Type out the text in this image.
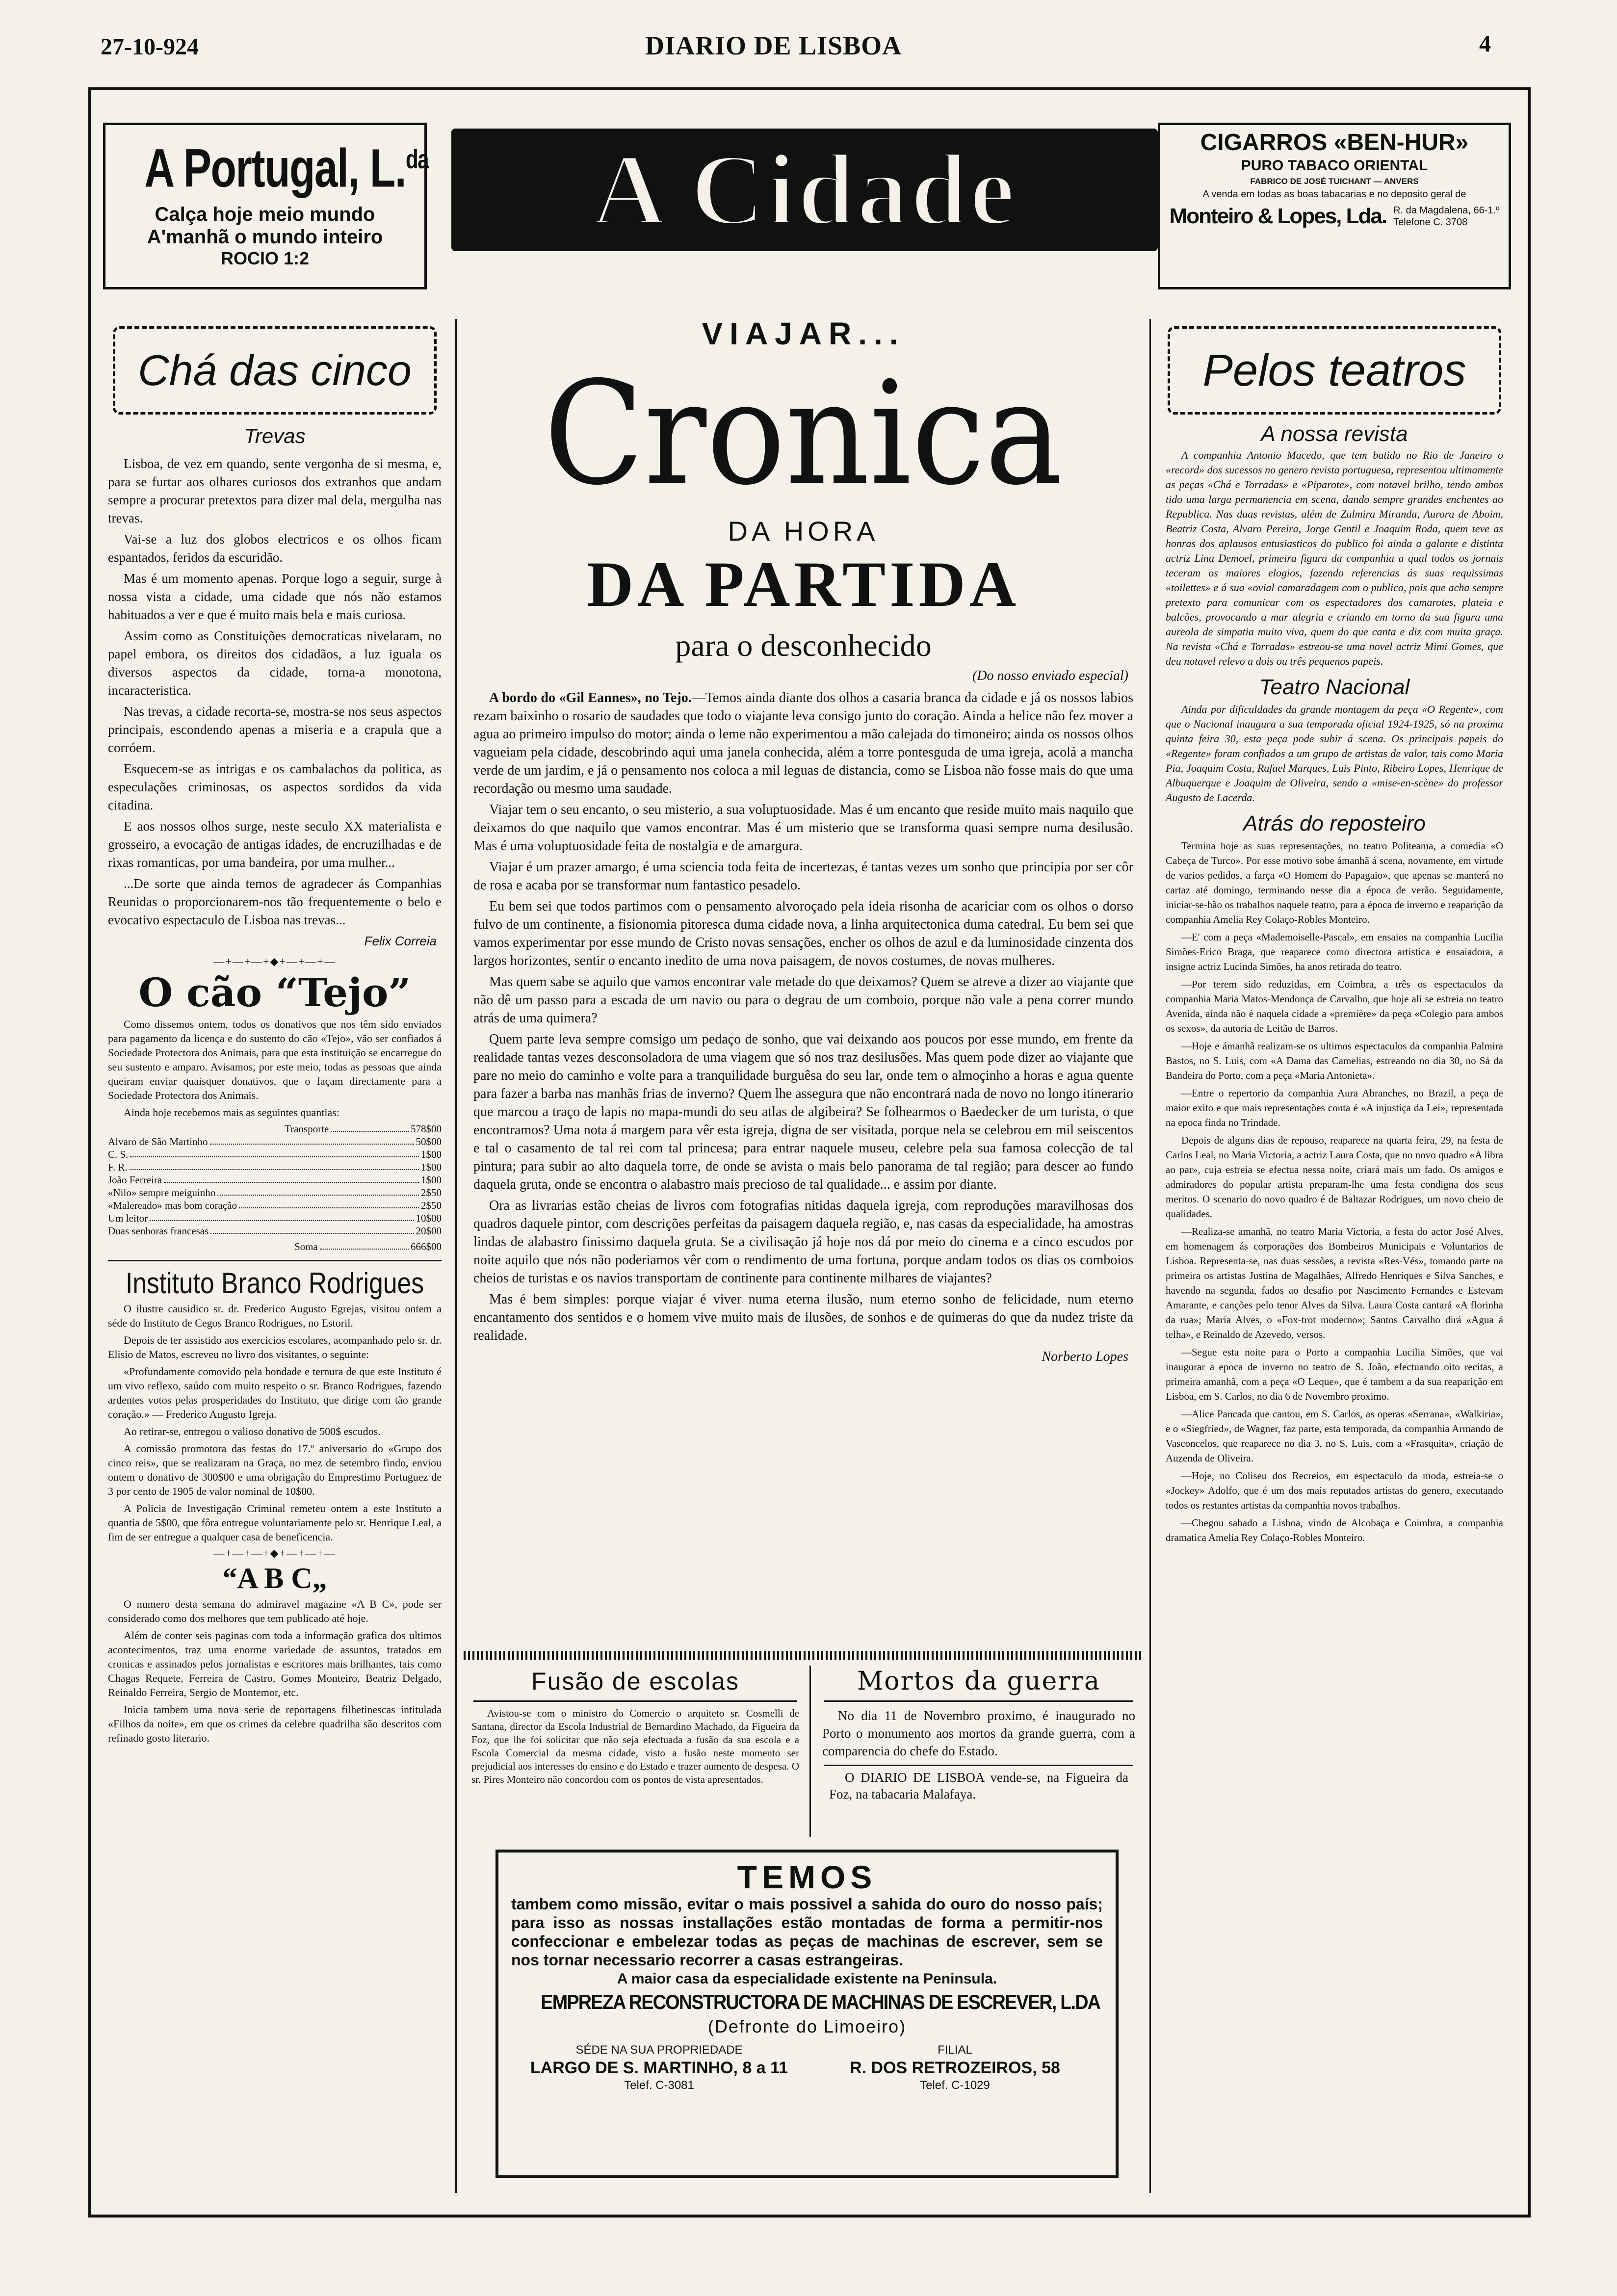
27-10-924	DIARIO DE LISBOA	4
A Portugal, L.$^{da}$
Calça hoje meio mundo
A'manhã o mundo inteiro
ROCIO 1:2
A Cidade	CIGARROS «BEN-HUR»
PURO TABACO ORIENTAL
FABRICO DE JOSÉ TUICHANT — ANVERS
A venda em todas as boas tabacarias e no deposito geral de
Monteiro & Lopes, Lda. R. da Magdalena, 66-1.º
Telefone C. 3708
Chá das cinco
Trevas

Lisboa, de vez em quando, sente vergonha de si mesma, e, para se furtar aos olhares curiosos dos extranhos que andam sempre a procurar pretextos para dizer mal dela, mergulha nas trevas.

Vai-se a luz dos globos electricos e os olhos ficam espantados, feridos da escuridão.

Mas é um momento apenas. Porque logo a seguir, surge à nossa vista a cidade, uma cidade que nós não estamos habituados a ver e que é muito mais bela e mais curiosa.

Assim como as Constituições democraticas nivelaram, no papel embora, os direitos dos cidadãos, a luz iguala os diversos aspectos da cidade, torna-a monotona, incaracteristica.

Nas trevas, a cidade recorta-se, mostra-se nos seus aspectos principais, escondendo apenas a miseria e a crapula que a corróem.

Esquecem-se as intrigas e os cambalachos da politica, as especulações criminosas, os aspectos sordidos da vida citadina.

E aos nossos olhos surge, neste seculo XX materialista e grosseiro, a evocação de antigas idades, de encruzilhadas e de rixas romanticas, por uma bandeira, por uma mulher...

...De sorte que ainda temos de agradecer ás Companhias Reunidas o proporcionarem-nos tão frequentemente o belo e evocativo espectaculo de Lisboa nas trevas...

Felix Correia
—+—+—+◆+—+—+—
O cão “Tejo”

Como dissemos ontem, todos os donativos que nos têm sido enviados para pagamento da licença e do sustento do cão «Tejo», vão ser confiados á Sociedade Protectora dos Animais, para que esta instituição se encarregue do seu sustento e amparo. Avisamos, por este meio, todas as pessoas que ainda queiram enviar quaisquer donativos, que o façam directamente para a Sociedade Protectora dos Animais.

Ainda hoje recebemos mais as seguintes quantias:

Transporte	578$00
Alvaro de São Martinho	50$00
C. S.	1$00
F. R.	1$00
João Ferreira	1$00
«Nilo» sempre meiguinho	2$50
«Malereado» mas bom coração	2$50
Um leitor	10$00
Duas senhoras francesas	20$00
Soma	666$00
Instituto Branco Rodrigues

O ilustre causidico sr. dr. Frederico Augusto Egrejas, visitou ontem a séde do Instituto de Cegos Branco Rodrigues, no Estoril.

Depois de ter assistido aos exercicios escolares, acompanhado pelo sr. dr. Elisio de Matos, escreveu no livro dos visitantes, o seguinte:

«Profundamente comovido pela bondade e ternura de que este Instituto é um vivo reflexo, saúdo com muito respeito o sr. Branco Rodrigues, fazendo ardentes votos pelas prosperidades do Instituto, que dirige com tão grande coração.» — Frederico Augusto Igreja.

Ao retirar-se, entregou o valioso donativo de 500$ escudos.

A comissão promotora das festas do 17.º aniversario do «Grupo dos cinco reis», que se realizaram na Graça, no mez de setembro findo, enviou ontem o donativo de 300$00 e uma obrigação do Emprestimo Portuguez de 3 por cento de 1905 de valor nominal de 10$00.

A Policia de Investigação Criminal remeteu ontem a este Instituto a quantia de 5$00, que fôra entregue voluntariamente pelo sr. Henrique Leal, a fim de ser entregue a qualquer casa de beneficencia.

—+—+—+◆+—+—+—
“A B C„

O numero desta semana do admiravel magazine «A B C», pode ser considerado como dos melhores que tem publicado até hoje.

Além de conter seis paginas com toda a informação grafica dos ultimos acontecimentos, traz uma enorme variedade de assuntos, tratados em cronicas e assinados pelos jornalistas e escritores mais brilhantes, tais como Chagas Requete, Ferreira de Castro, Gomes Monteiro, Beatriz Delgado, Reinaldo Ferreira, Sergio de Montemor, etc.

Inicia tambem uma nova serie de reportagens filhetinescas intitulada «Filhos da noite», em que os crimes da celebre quadrilha são descritos com refinado gosto literario.

VIAJAR...
Cronica
DA HORA
DA PARTIDA
para o desconhecido
(Do nosso enviado especial)

A bordo do «Gil Eannes», no Tejo.—Temos ainda diante dos olhos a casaria branca da cidade e já os nossos labios rezam baixinho o rosario de saudades que todo o viajante leva consigo junto do coração. Ainda a helice não fez mover a agua ao primeiro impulso do motor; ainda o leme não experimentou a mão calejada do timoneiro; ainda os nossos olhos vagueiam pela cidade, descobrindo aqui uma janela conhecida, além a torre pontesguda de uma igreja, acolá a mancha verde de um jardim, e já o pensamento nos coloca a mil leguas de distancia, como se Lisboa não fosse mais do que uma recordação ou mesmo uma saudade.

Viajar tem o seu encanto, o seu misterio, a sua voluptuosidade. Mas é um encanto que reside muito mais naquilo que deixamos do que naquilo que vamos encontrar. Mas é um misterio que se transforma quasi sempre numa desilusão. Mas é uma voluptuosidade feita de nostalgia e de amargura.

Viajar é um prazer amargo, é uma sciencia toda feita de incertezas, é tantas vezes um sonho que principia por ser côr de rosa e acaba por se transformar num fantastico pesadelo.

Eu bem sei que todos partimos com o pensamento alvoroçado pela ideia risonha de acariciar com os olhos o dorso fulvo de um continente, a fisionomia pitoresca duma cidade nova, a linha arquitectonica duma catedral. Eu bem sei que vamos experimentar por esse mundo de Cristo novas sensações, encher os olhos de azul e da luminosidade cinzenta dos largos horizontes, sentir o encanto inedito de uma nova paisagem, de novos costumes, de novas mulheres.

Mas quem sabe se aquilo que vamos encontrar vale metade do que deixamos? Quem se atreve a dizer ao viajante que não dê um passo para a escada de um navio ou para o degrau de um comboio, porque não vale a pena correr mundo atrás de uma quimera?

Quem parte leva sempre comsigo um pedaço de sonho, que vai deixando aos poucos por esse mundo, em frente da realidade tantas vezes desconsoladora de uma viagem que só nos traz desilusões. Mas quem pode dizer ao viajante que pare no meio do caminho e volte para a tranquilidade burguêsa do seu lar, onde tem o almoçinho a horas e agua quente para fazer a barba nas manhãs frias de inverno? Quem lhe assegura que não encontrará nada de novo no longo itinerario que marcou a traço de lapis no mapa-mundi do seu atlas de algibeira? Se folhearmos o Baedecker de um turista, o que encontramos? Uma nota á margem para vêr esta igreja, digna de ser visitada, porque nela se celebrou em mil seiscentos e tal o casamento de tal rei com tal princesa; para entrar naquele museu, celebre pela sua famosa colecção de tal pintura; para subir ao alto daquela torre, de onde se avista o mais belo panorama de tal região; para descer ao fundo daquela gruta, onde se encontra o alabastro mais precioso de tal qualidade... e assim por diante.

Ora as livrarias estão cheias de livros com fotografias nitidas daquela igreja, com reproduções maravilhosas dos quadros daquele pintor, com descrições perfeitas da paisagem daquela região, e, nas casas da especialidade, ha amostras lindas de alabastro finissimo daquela gruta. Se a civilisação já hoje nos dá por meio do cinema e a cinco escudos por noite aquilo que nós não poderiamos vêr com o rendimento de uma fortuna, porque andam todos os dias os comboios cheios de turistas e os navios transportam de continente para continente milhares de viajantes?

Mas é bem simples: porque viajar é viver numa eterna ilusão, num eterno sonho de felicidade, num eterno encantamento dos sentidos e o homem vive muito mais de ilusões, de sonhos e de quimeras do que da nudez triste da realidade.

Norberto Lopes
Fusão de escolas
Avistou-se com o ministro do Comercio o arquiteto sr. Cosmelli de Santana, director da Escola Industrial de Bernardino Machado, da Figueira da Foz, que lhe foi solicitar que não seja efectuada a fusão da sua escola e a Escola Comercial da mesma cidade, visto a fusão neste momento ser prejudicial aos interesses do ensino e do Estado e trazer aumento de despesa. O sr. Pires Monteiro não concordou com os pontos de vista apresentados.
Mortos da guerra
No dia 11 de Novembro proximo, é inaugurado no Porto o monumento aos mortos da grande guerra, com a comparencia do chefe do Estado.
O DIARIO DE LISBOA vende-se, na Figueira da Foz, na tabacaria Malafaya.
TEMOS
tambem como missão, evitar o mais possivel a sahida do ouro do nosso país; para isso as nossas installações estão montadas de forma a permitir-nos confeccionar e embelezar todas as peças de machinas de escrever, sem se nos tornar necessario recorrer a casas estrangeiras.
A maior casa da especialidade existente na Peninsula.
EMPREZA RECONSTRUCTORA DE MACHINAS DE ESCREVER, L.DA
(Defronte do Limoeiro)
SÉDE NA SUA PROPRIEDADE
LARGO DE S. MARTINHO, 8 a 11
Telef. C-3081
FILIAL
R. DOS RETROZEIROS, 58
Telef. C-1029
Pelos teatros
A nossa revista
A companhia Antonio Macedo, que tem batido no Rio de Janeiro o «record» dos sucessos no genero revista portuguesa, representou ultimamente as peças «Chá e Torradas» e «Piparote», com notavel brilho, tendo ambos tido uma larga permanencia em scena, dando sempre grandes enchentes ao Republica. Nas duas revistas, além de Zulmira Miranda, Aurora de Aboim, Beatriz Costa, Alvaro Pereira, Jorge Gentil e Joaquim Roda, quem teve as honras dos aplausos entusiasticos do publico foi ainda a galante e distinta actriz Lina Demoel, primeira figura da companhia a qual todos os jornais teceram os maiores elogios, fazendo referencias ás suas requissimas «toilettes» e á sua «ovial camaradagem com o publico, pois que acha sempre pretexto para comunicar com os espectadores dos camarotes, plateia e balcões, provocando a mar alegria e criando em torno da sua figura uma aureola de simpatia muito viva, quem do que canta e diz com muita graça. Na revista «Chá e Torradas» estreou-se uma novel actriz Mimi Gomes, que deu notavel relevo a dois ou três pequenos papeis.
Teatro Nacional
Ainda por dificuldades da grande montagem da peça «O Regente», com que o Nacional inaugura a sua temporada oficial 1924-1925, só na proxima quinta feira 30, esta peça pode subir á scena. Os principais papeis do «Regente» foram confiados a um grupo de artistas de valor, tais como Maria Pia, Joaquim Costa, Rafael Marques, Luis Pinto, Ribeiro Lopes, Henrique de Albuquerque e Joaquim de Oliveira, sendo a «mise-en-scène» do professor Augusto de Lacerda.
Atrás do reposteiro

Termina hoje as suas representações, no teatro Politeama, a comedia «O Cabeça de Turco». Por esse motivo sobe ámanhã á scena, novamente, em virtude de varios pedidos, a farça «O Homem do Papagaio», que apenas se manterá no cartaz até domingo, terminando nesse dia a época de verão. Seguidamente, iniciar-se-hão os trabalhos naquele teatro, para a época de inverno e reaparição da companhia Amelia Rey Colaço-Robles Monteiro.

—E' com a peça «Mademoiselle-Pascal», em ensaios na companhia Lucilia Simões-Erico Braga, que reaparece como directora artistica e ensaiadora, a insigne actriz Lucinda Simões, ha anos retirada do teatro.

—Por terem sido reduzidas, em Coimbra, a três os espectaculos da companhia Maria Matos-Mendonça de Carvalho, que hoje ali se estreia no teatro Avenida, ainda não é naquela cidade a «première» da peça «Colegio para ambos os sexos», da autoria de Leitão de Barros.

—Hoje e ámanhã realizam-se os ultimos espectaculos da companhia Palmira Bastos, no S. Luis, com «A Dama das Camelias, estreando no dia 30, no Sá da Bandeira do Porto, com a peça «Maria Antonieta».

—Entre o repertorio da companhia Aura Abranches, no Brazil, a peça de maior exito e que mais representações conta é «A injustiça da Lei», representada na epoca finda no Trindade.

Depois de alguns dias de repouso, reaparece na quarta feira, 29, na festa de Carlos Leal, no Maria Victoria, a actriz Laura Costa, que no novo quadro «A libra ao par», cuja estreia se efectua nessa noite, criará mais um fado. Os amigos e admiradores do popular artista preparam-lhe uma festa condigna dos seus meritos. O scenario do novo quadro é de Baltazar Rodrigues, um novo cheio de qualidades.

—Realiza-se amanhã, no teatro Maria Victoria, a festa do actor José Alves, em homenagem ás corporações dos Bombeiros Municipais e Voluntarios de Lisboa. Representa-se, nas duas sessões, a revista «Res-Vés», tomando parte na primeira os artistas Justina de Magalhães, Alfredo Henriques e Silva Sanches, e havendo na segunda, fados ao desafio por Nascimento Fernandes e Estevam Amarante, e canções pelo tenor Alves da Silva. Laura Costa cantará «A florinha da rua»; Maria Alves, o «Fox-trot moderno»; Santos Carvalho dirá «Agua á telha», e Reinaldo de Azevedo, versos.

—Segue esta noite para o Porto a companhia Lucilia Simões, que vai inaugurar a epoca de inverno no teatro de S. João, efectuando oito recitas, a primeira amanhã, com a peça «O Leque», que é tambem a da sua reaparição em Lisboa, em S. Carlos, no dia 6 de Novembro proximo.

—Alice Pancada que cantou, em S. Carlos, as operas «Serrana», «Walkiria», e o «Siegfried», de Wagner, faz parte, esta temporada, da companhia Armando de Vasconcelos, que reaparece no dia 3, no S. Luis, com a «Frasquita», criação de Auzenda de Oliveira.

—Hoje, no Coliseu dos Recreios, em espectaculo da moda, estreia-se o «Jockey» Adolfo, que é um dos mais reputados artistas do genero, executando todos os restantes artistas da companhia novos trabalhos.

—Chegou sabado a Lisboa, vindo de Alcobaça e Coimbra, a companhia dramatica Amelia Rey Colaço-Robles Monteiro.
